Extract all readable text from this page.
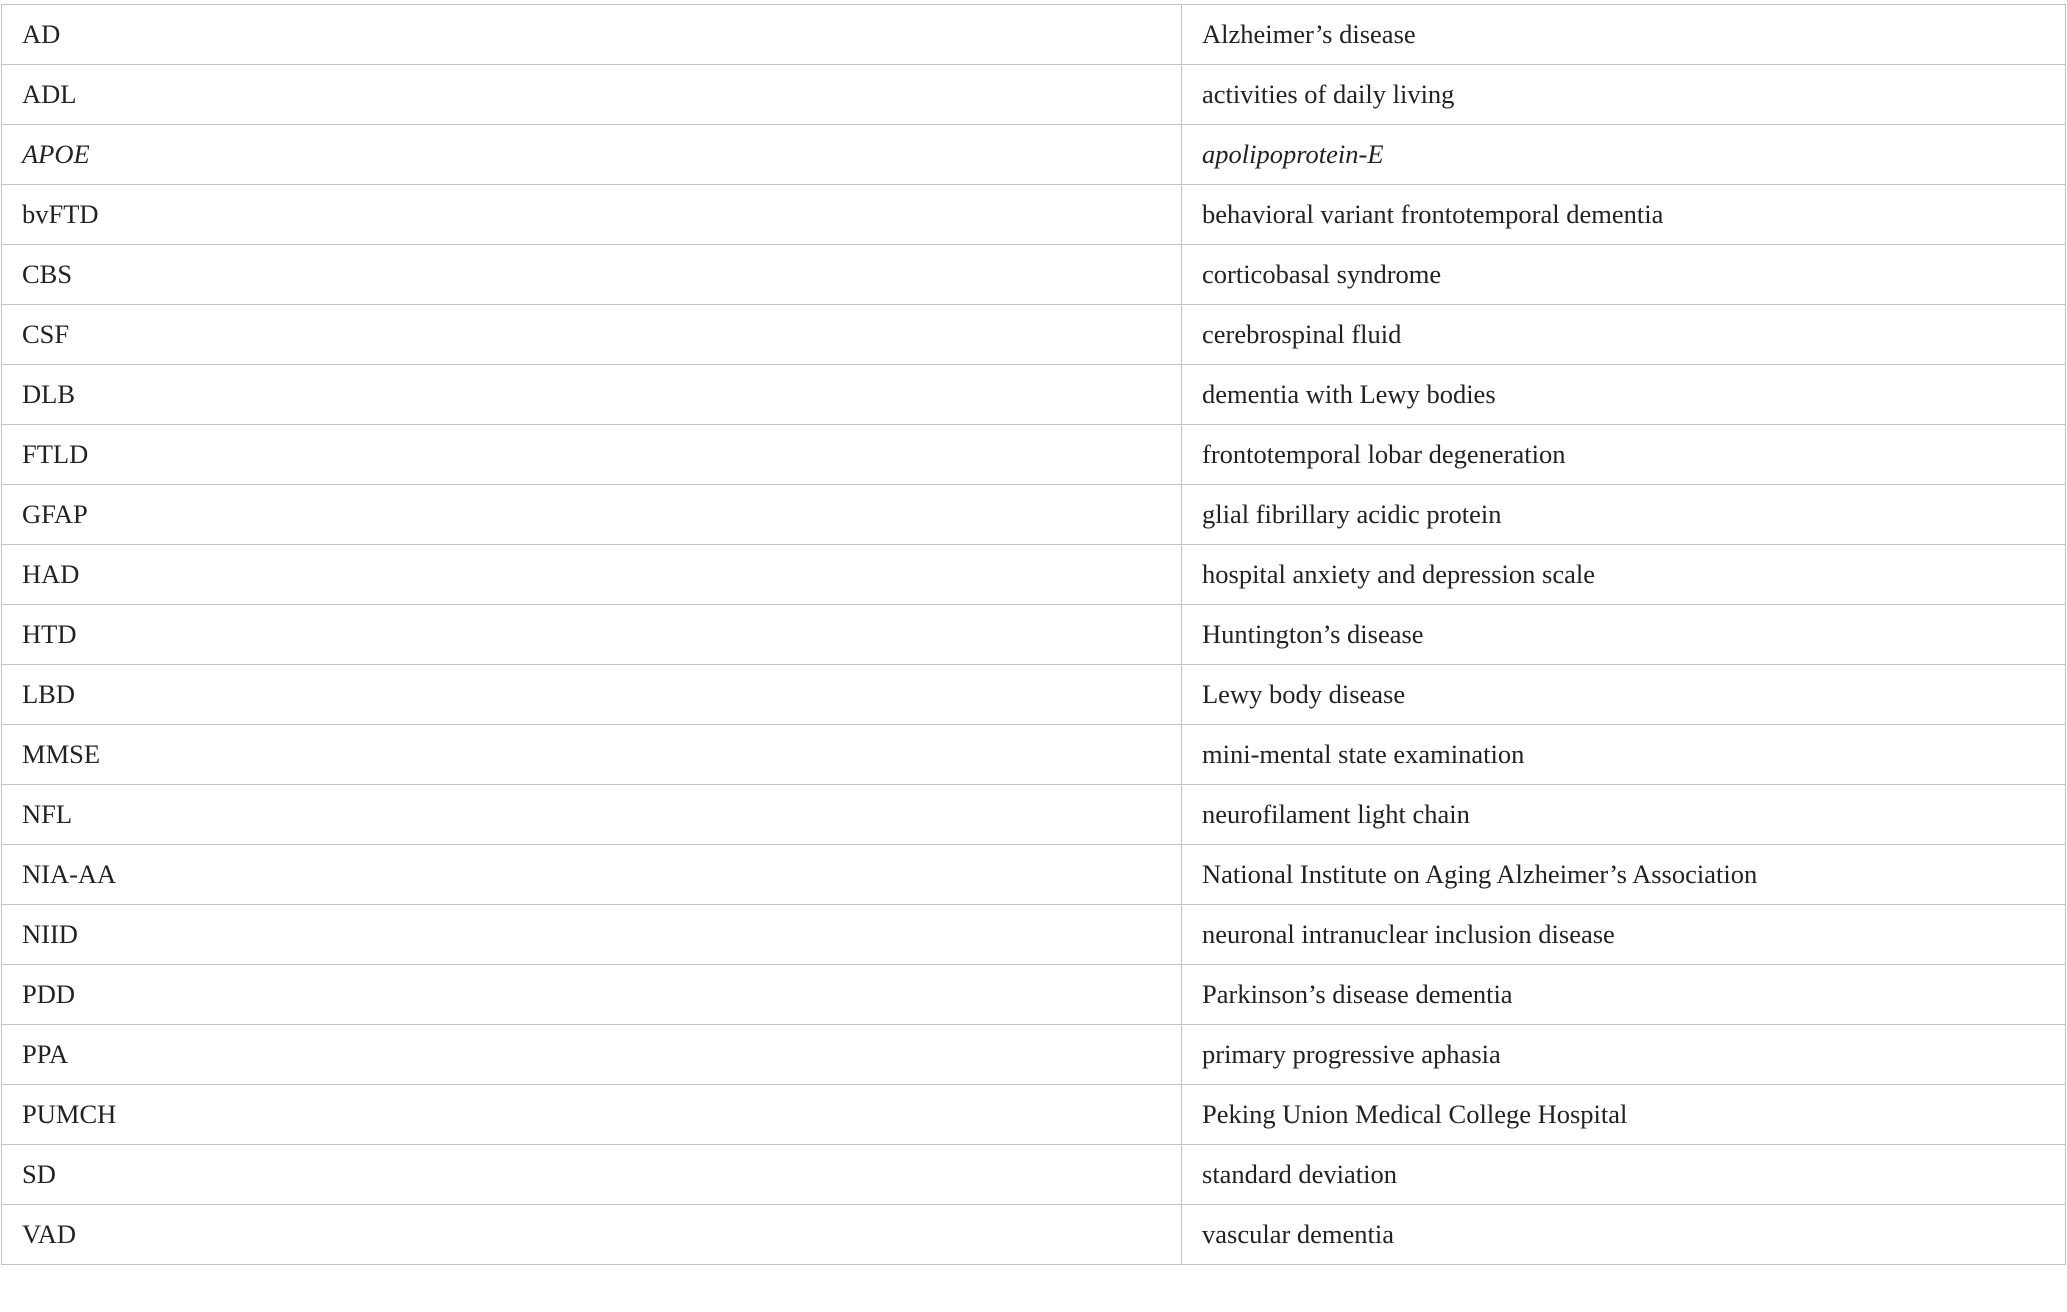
AD	Alzheimer’s disease
ADL	activities of daily living
APOE	apolipoprotein-E
bvFTD	behavioral variant frontotemporal dementia
CBS	corticobasal syndrome
CSF	cerebrospinal fluid
DLB	dementia with Lewy bodies
FTLD	frontotemporal lobar degeneration
GFAP	glial fibrillary acidic protein
HAD	hospital anxiety and depression scale
HTD	Huntington’s disease
LBD	Lewy body disease
MMSE	mini-mental state examination
NFL	neurofilament light chain
NIA-AA	National Institute on Aging Alzheimer’s Association
NIID	neuronal intranuclear inclusion disease
PDD	Parkinson’s disease dementia
PPA	primary progressive aphasia
PUMCH	Peking Union Medical College Hospital
SD	standard deviation
VAD	vascular dementia
